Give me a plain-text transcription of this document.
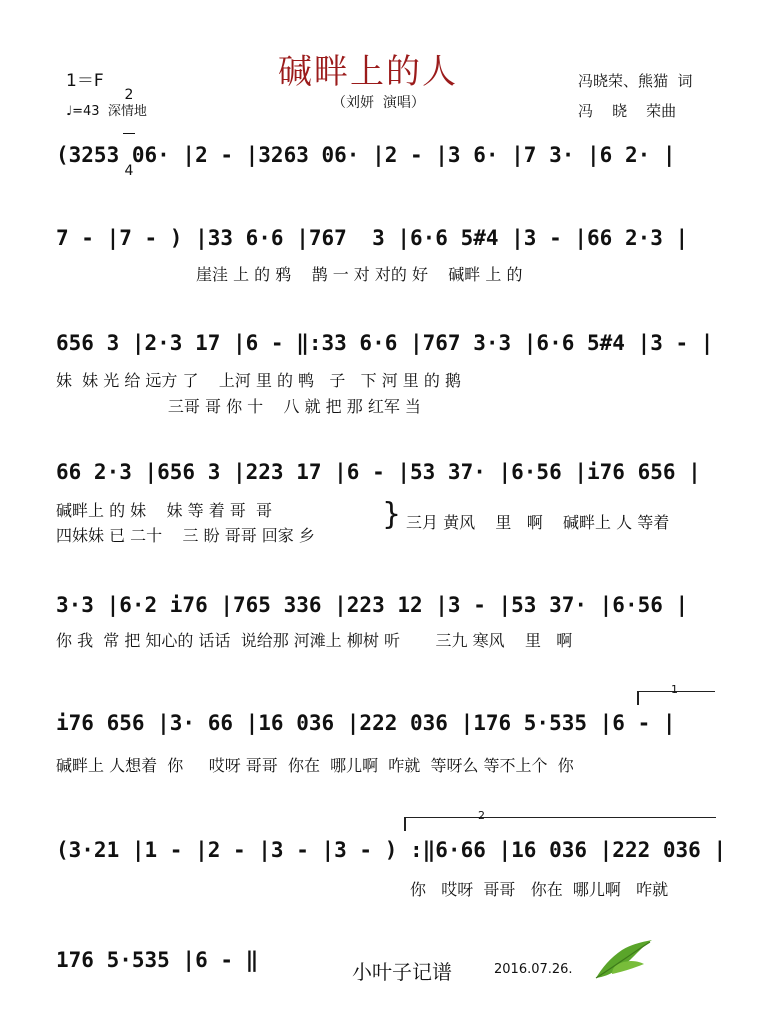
碱畔上的人
（刘妍  演唱）
1＝F

2

4

♩=43  深情地
冯晓荣、熊猫  词
冯    晓    荣曲
(3253 06· |2 - |3263 06· |2 - |3 6· |7 3· |6 2· |
7 - |7 - ) |33 6·6 |767  3 |6·6 5#4 |3 - |66 2·3 |
崖洼 上 的 鸦    鹊 一 对 对的 好    碱畔 上 的
656 3 |2·3 17 |6 - ‖:33 6·6 |767 3·3 |6·6 5#4 |3 - |
妹  妹 光 给 远方 了    上河 里 的 鸭   子   下 河 里 的 鹅
三哥 哥 你 十    八 就 把 那 红军 当
66 2·3 |656 3 |223 17 |6 - |53 37· |6·56 |i76 656 |
碱畔上 的 妹    妹 等 着 哥  哥
四妹妹 已 二十    三 盼 哥哥 回家 乡
} 三月 黄风    里   啊    碱畔上 人 等着
3·3 |6·2 i76 |765 336 |223 12 |3 - |53 37· |6·56 |
你 我  常 把 知心的 话话  说给那 河滩上 柳树 听       三九 寒风    里   啊
1
i76 656 |3· 66 |16 036 |222 036 |176 5·535 |6 - |
碱畔上 人想着  你     哎呀 哥哥  你在  哪儿啊  咋就  等呀么 等不上个  你
2
(3·21 |1 - |2 - |3 - |3 - ) :‖6·66 |16 036 |222 036 |
你   哎呀  哥哥   你在  哪儿啊   咋就
176 5·535 |6 - ‖	小叶子记谱	2016.07.26.
